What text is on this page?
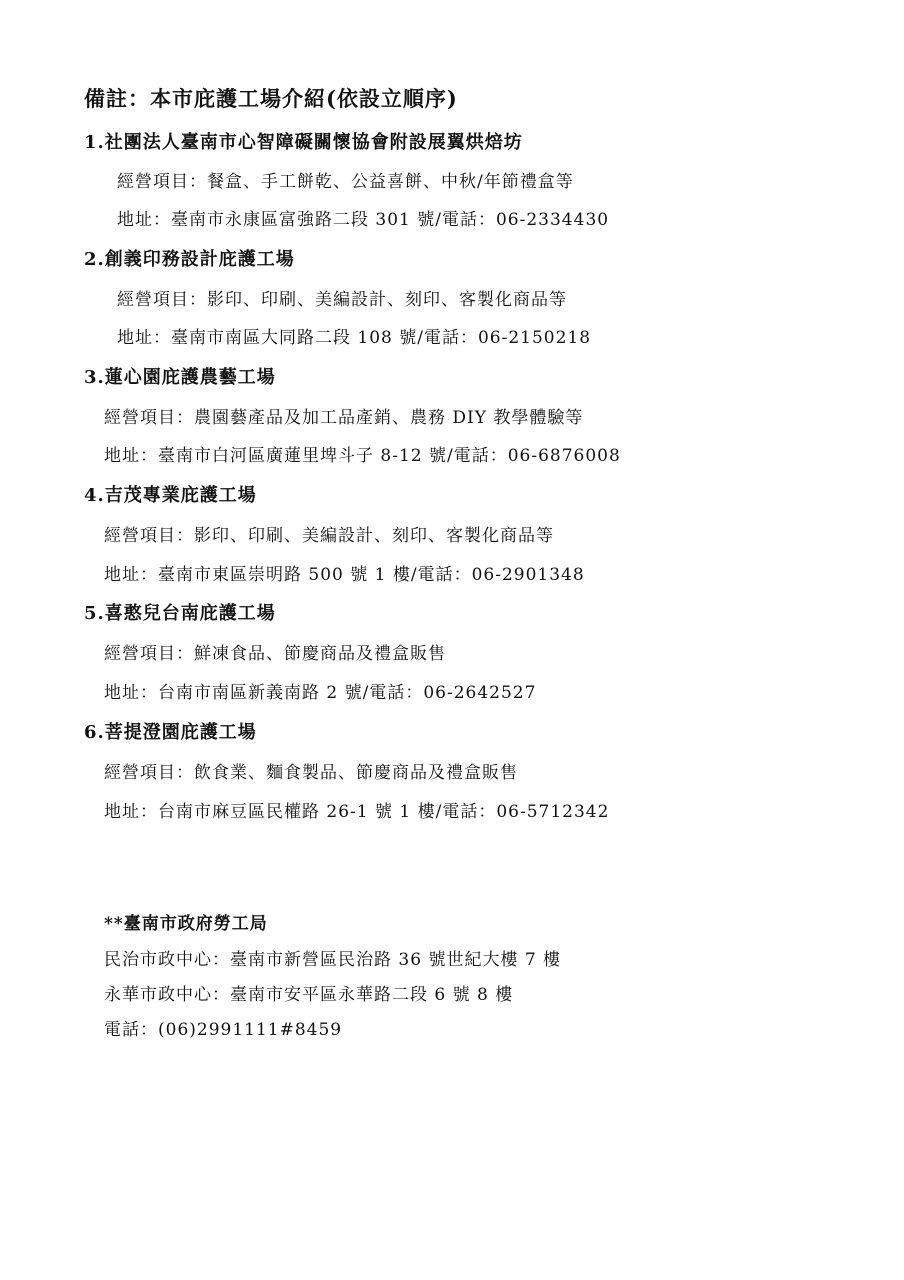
備註：本市庇護工場介紹(依設立順序)
1.社團法人臺南市心智障礙關懷協會附設展翼烘焙坊
經營項目：餐盒、手工餅乾、公益喜餅、中秋/年節禮盒等
地址：臺南市永康區富強路二段 301 號/電話：06-2334430
2.創義印務設計庇護工場
經營項目：影印、印刷、美編設計、刻印、客製化商品等
地址：臺南市南區大同路二段 108 號/電話：06-2150218
3.蓮心園庇護農藝工場
經營項目：農園藝產品及加工品產銷、農務 DIY 教學體驗等
地址：臺南市白河區廣蓮里埤斗子 8-12 號/電話：06-6876008
4.吉茂專業庇護工場
經營項目：影印、印刷、美編設計、刻印、客製化商品等
地址：臺南市東區崇明路 500 號 1 樓/電話：06-2901348
5.喜憨兒台南庇護工場
經營項目：鮮凍食品、節慶商品及禮盒販售
地址：台南市南區新義南路 2 號/電話：06-2642527
6.菩提澄園庇護工場
經營項目：飲食業、麵食製品、節慶商品及禮盒販售
地址：台南市麻豆區民權路 26-1 號 1 樓/電話：06-5712342
**臺南市政府勞工局
民治市政中心：臺南市新營區民治路 36 號世紀大樓 7 樓
永華市政中心：臺南市安平區永華路二段 6 號 8 樓
電話：(06)2991111#8459
